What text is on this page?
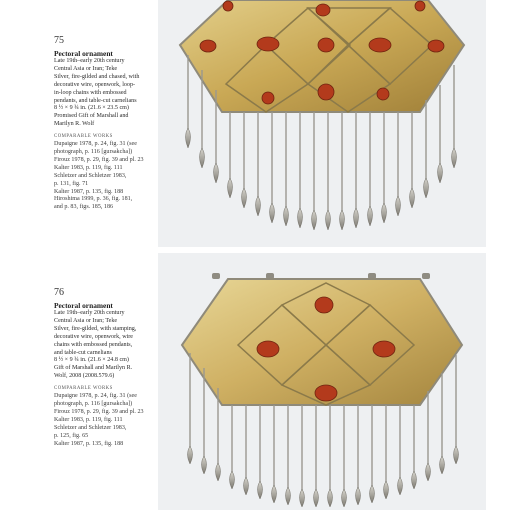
75
Pectoral ornament
Late 19th–early 20th century
Central Asia or Iran; Teke
Silver, fire-gilded and chased, with
decorative wire, openwork, loop-
in-loop chains with embossed
pendants, and table-cut carnelians
8 ½ × 9 ¾ in. (21.6 × 23.5 cm)
Promised Gift of Marshall and
Marilyn R. Wolf
COMPARABLE WORKS
Dupaigne 1978, p. 24, fig. 31 (see
photograph, p. 116 [gursakcha])
Firouz 1978, p. 29, fig. 39 and pl. 23
Kalter 1983, p. 119, fig. 111
Schletzer and Schletzer 1983,
p. 131, fig. 71
Kalter 1987, p. 135, fig. 188
Hiroshima 1999, p. 36, fig. 181,
and p. 83, figs. 185, 186
76
Pectoral ornament
Late 19th–early 20th century
Central Asia or Iran; Teke
Silver, fire-gilded, with stamping,
decorative wire, openwork, wire
chains with embossed pendants,
and table-cut carnelians
8 ½ × 9 ¾ in. (21.6 × 24.8 cm)
Gift of Marshall and Marilyn R.
Wolf, 2008 (2008.579.6)
COMPARABLE WORKS
Dupaigne 1978, p. 24, fig. 31 (see
photograph, p. 116 [gursakcha])
Firouz 1978, p. 29, fig. 39 and pl. 23
Kalter 1983, p. 119, fig. 111
Schletzer and Schletzer 1983,
p. 125, fig. 65
Kalter 1987, p. 135, fig. 188
